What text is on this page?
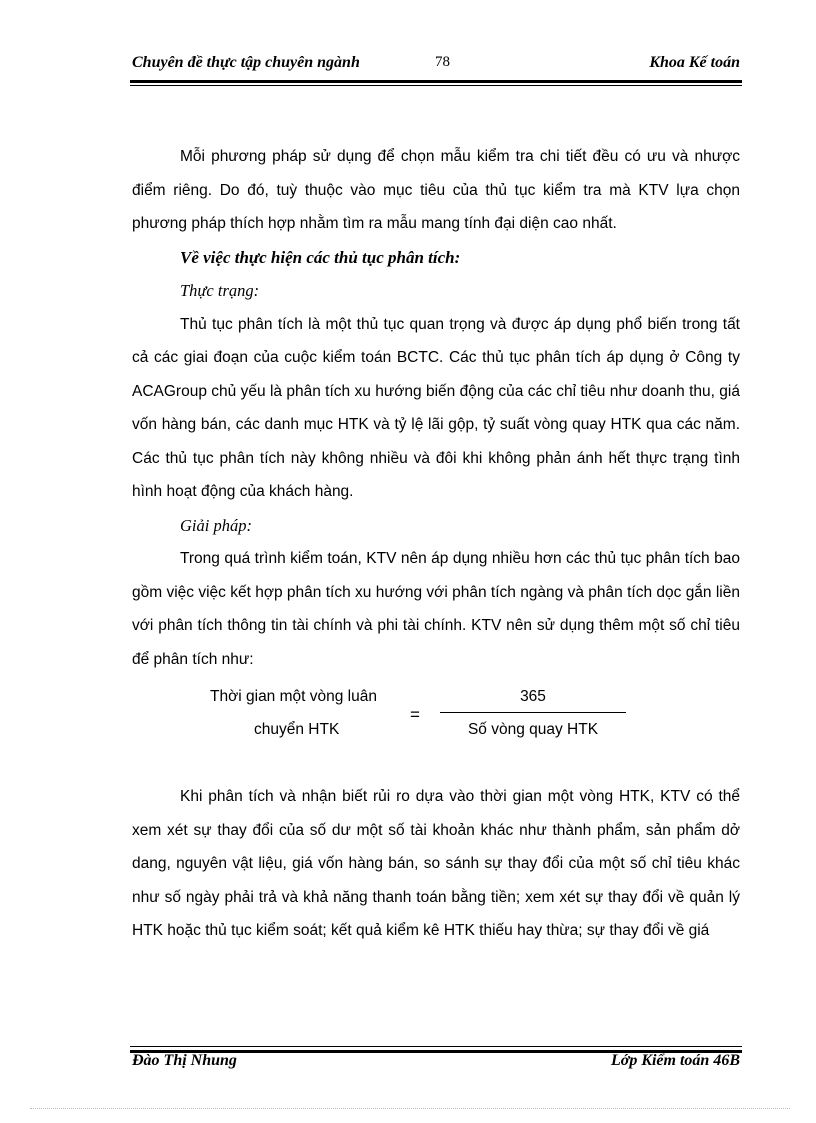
Chuyên đề thực tập chuyên ngành	78	Khoa Kế toán

Mỗi phương pháp sử dụng để chọn mẫu kiểm tra chi tiết đều có ưu và nhược điểm riêng. Do đó, tuỳ thuộc vào mục tiêu của thủ tục kiểm tra mà KTV lựa chọn phương pháp thích hợp nhằm tìm ra mẫu mang tính đại diện cao nhất.

Về việc thực hiện các thủ tục phân tích:

Thực trạng:

Thủ tục phân tích là một thủ tục quan trọng và được áp dụng phổ biến trong tất cả các giai đoạn của cuộc kiểm toán BCTC. Các thủ tục phân tích áp dụng ở Công ty ACAGroup chủ yếu là phân tích xu hướng biến động của các chỉ tiêu như doanh thu, giá vốn hàng bán, các danh mục HTK và tỷ lệ lãi gộp, tỷ suất vòng quay HTK qua các năm. Các thủ tục phân tích này không nhiều và đôi khi không phản ánh hết thực trạng tình hình hoạt động của khách hàng.

Giải pháp:

Trong quá trình kiểm toán, KTV nên áp dụng nhiều hơn các thủ tục phân tích bao gồm việc việc kết hợp phân tích xu hướng với phân tích ngàng và phân tích dọc gắn liền với phân tích thông tin tài chính và phi tài chính. KTV nên sử dụng thêm một số chỉ tiêu để phân tích như:

Thời gian một vòng luân
chuyển HTK
=
365
Số vòng quay HTK

Khi phân tích và nhận biết rủi ro dựa vào thời gian một vòng HTK, KTV có thể xem xét sự thay đổi của số dư một số tài khoản khác như thành phẩm, sản phẩm dở dang, nguyên vật liệu, giá vốn hàng bán, so sánh sự thay đổi của một số chỉ tiêu khác như số ngày phải trả và khả năng thanh toán bằng tiền; xem xét sự thay đổi về quản lý HTK hoặc thủ tục kiểm soát; kết quả kiểm kê HTK thiếu hay thừa; sự thay đổi về giá

Đào Thị Nhung	Lớp Kiểm toán 46B
